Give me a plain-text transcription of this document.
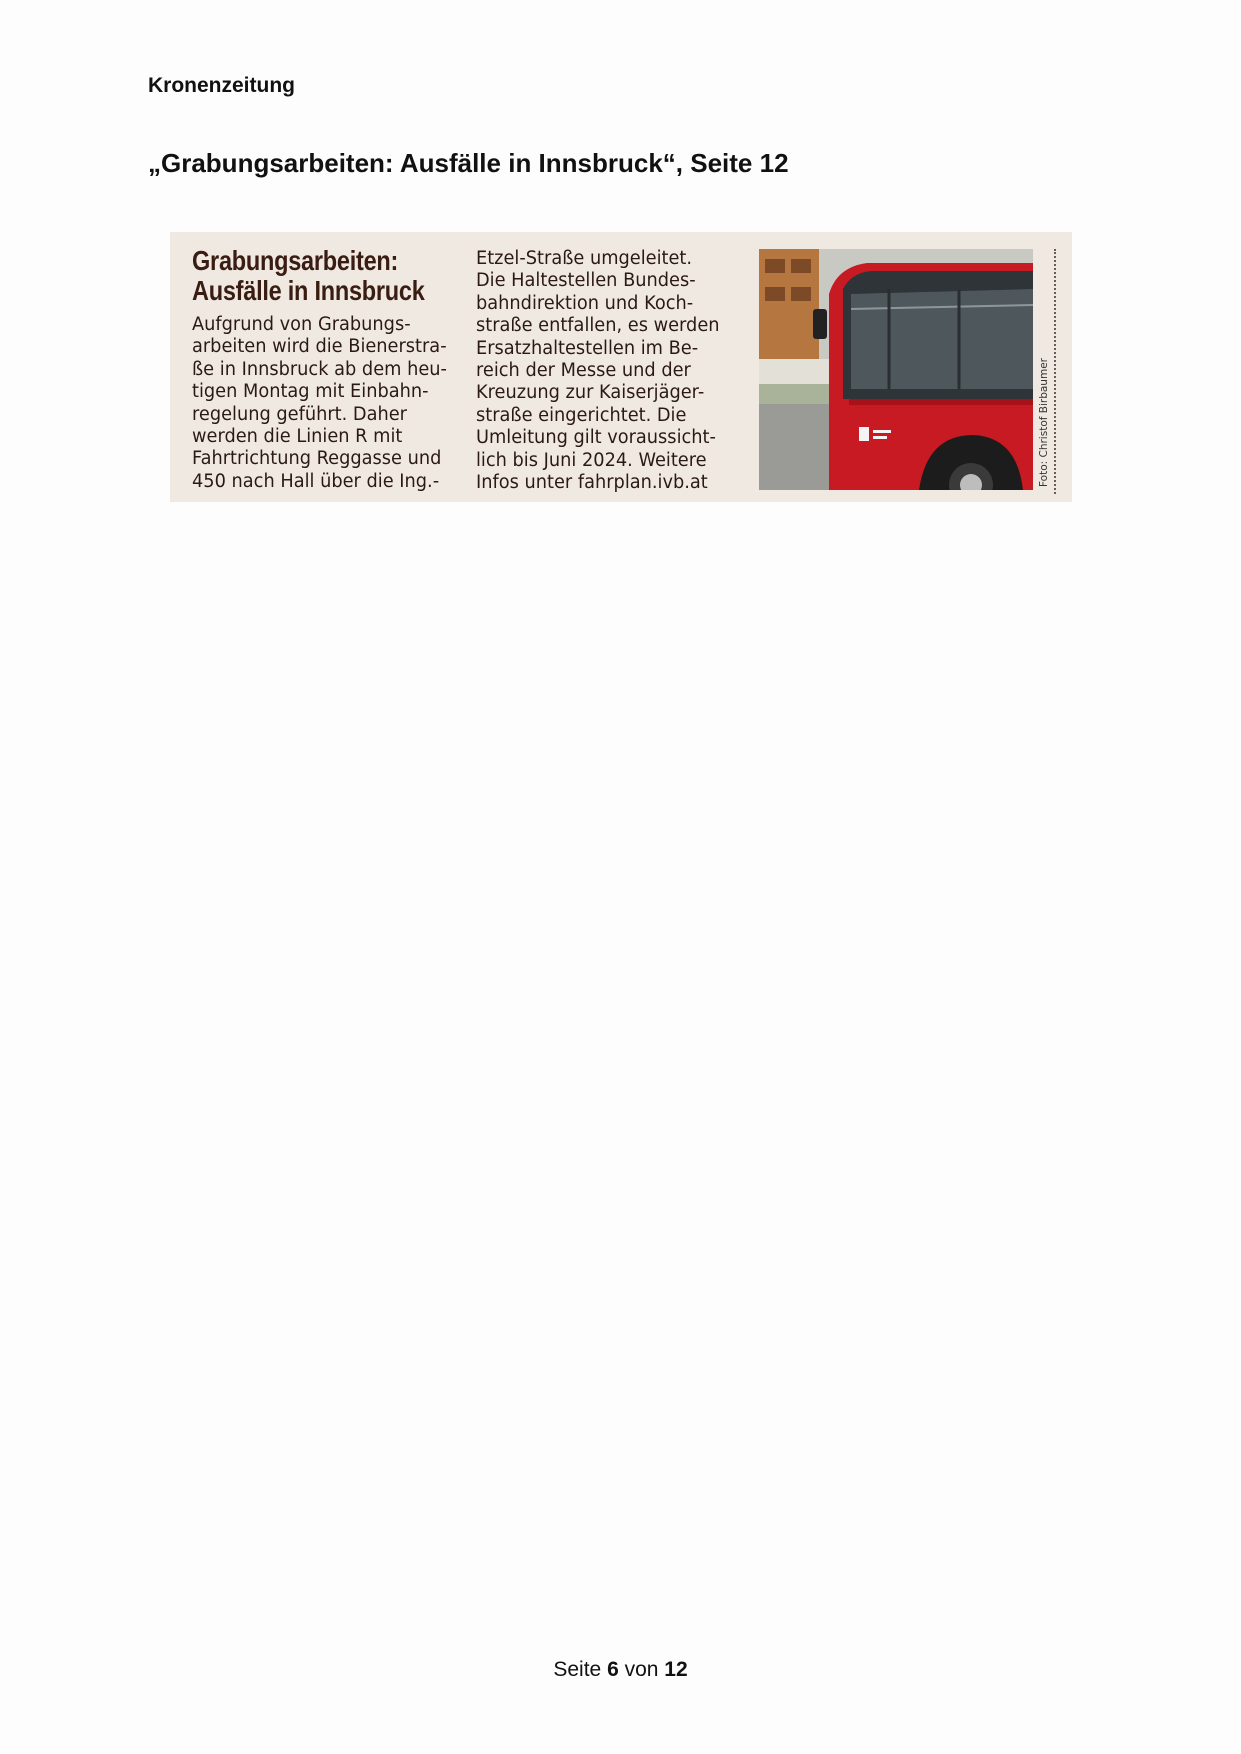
Kronenzeitung
„Grabungsarbeiten: Ausfälle in Innsbruck“, Seite 12
Grabungsarbeiten:
Ausfälle in Innsbruck
Aufgrund von Grabungs-
arbeiten wird die Bienerstra-
ße in Innsbruck ab dem heu-
tigen Montag mit Einbahn-
regelung geführt. Daher
werden die Linien R mit
Fahrtrichtung Reggasse und
450 nach Hall über die Ing.-
Etzel-Straße umgeleitet.
Die Haltestellen Bundes-
bahndirektion und Koch-
straße entfallen, es werden
Ersatzhaltestellen im Be-
reich der Messe und der
Kreuzung zur Kaiserjäger-
straße eingerichtet. Die
Umleitung gilt voraussicht-
lich bis Juni 2024. Weitere
Infos unter fahrplan.ivb.at	Foto: Christof Birbaumer
Seite 6 von 12
